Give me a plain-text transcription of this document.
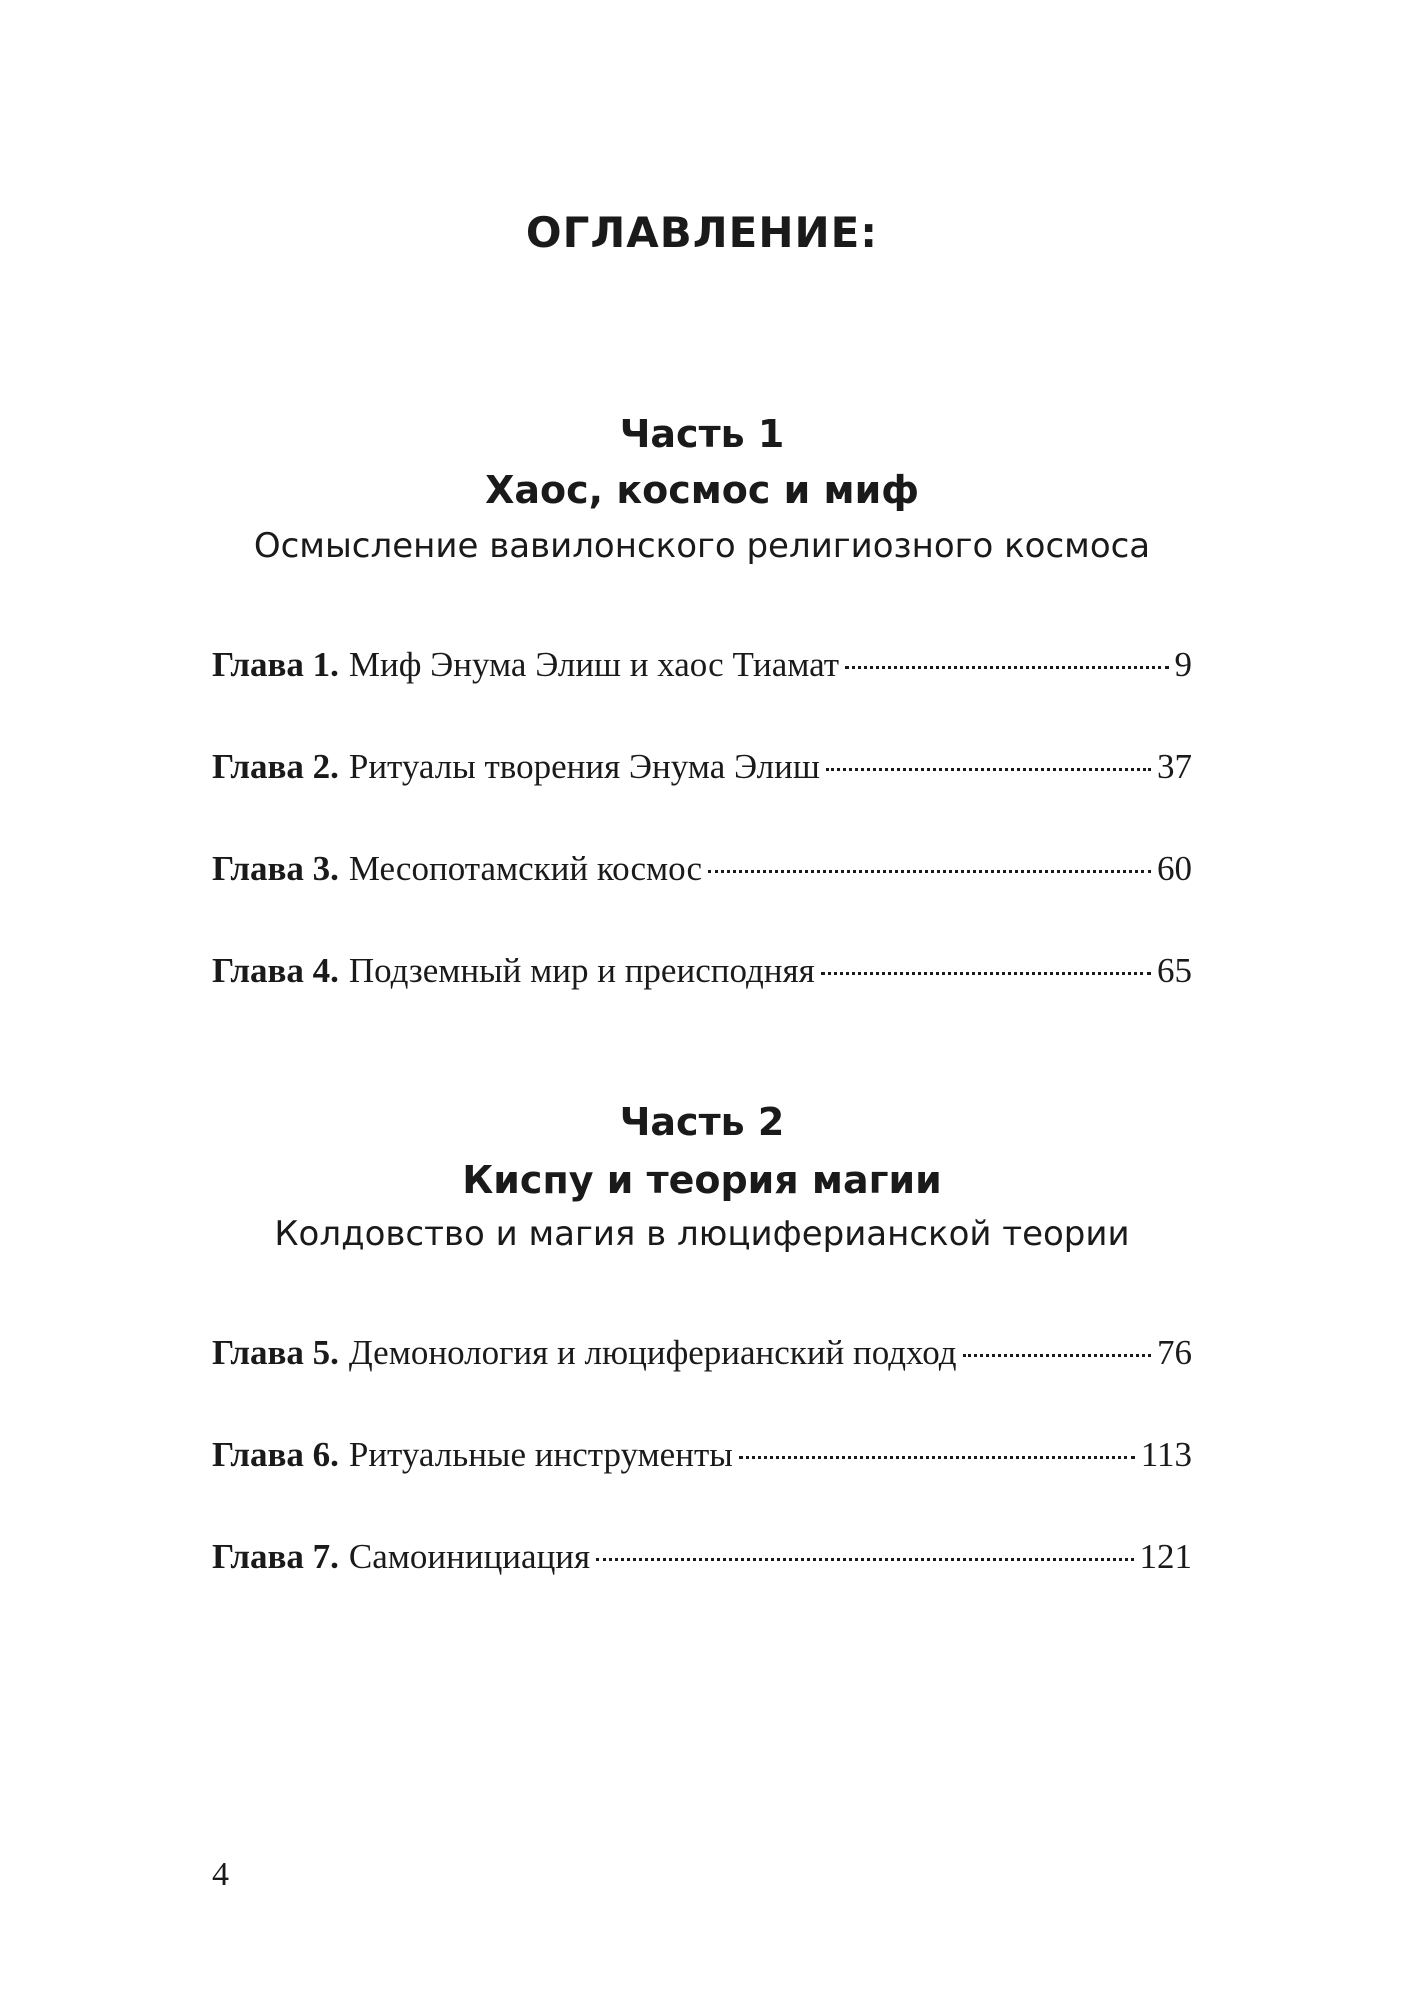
ОГЛАВЛЕНИЕ:
Часть 1
Хаос, космос и миф
Осмысление вавилонского религиозного космоса
Глава 1. Миф Энума Элиш и хаос Тиамат	9
Глава 2. Ритуалы творения Энума Элиш	37
Глава 3. Месопотамский космос	60
Глава 4. Подземный мир и преисподняя	65
Часть 2
Киспу и теория магии
Колдовство и магия в люциферианской теории
Глава 5. Демонология и люциферианский подход	76
Глава 6. Ритуальные инструменты	113
Глава 7. Самоинициация	121
4
